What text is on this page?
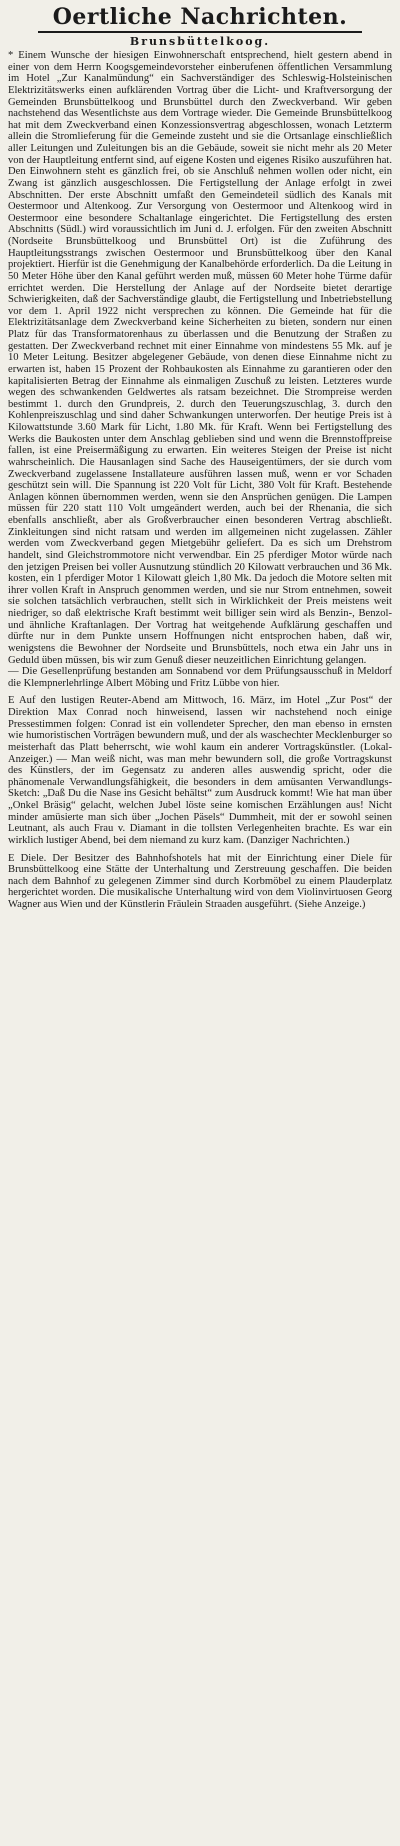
Oertliche Nachrichten.
Brunsbüttelkoog.

* Einem Wunsche der hiesigen Einwohnerschaft entsprechend, hielt gestern abend in einer von dem Herrn Koogsgemeindevorsteher einberufenen öffentlichen Versammlung im Hotel „Zur Kanalmündung“ ein Sachverständiger des Schleswig-Holsteinischen Elektrizitätswerks einen aufklärenden Vortrag über die Licht- und Kraftversorgung der Gemeinden Brunsbüttelkoog und Brunsbüttel durch den Zweckverband. Wir geben nachstehend das Wesentlichste aus dem Vortrage wieder. Die Gemeinde Brunsbüttelkoog hat mit dem Zweckverband einen Konzessionsvertrag abgeschlossen, wonach Letzterm allein die Stromlieferung für die Gemeinde zusteht und sie die Ortsanlage einschließlich aller Leitungen und Zuleitungen bis an die Gebäude, soweit sie nicht mehr als 20 Meter von der Hauptleitung entfernt sind, auf eigene Kosten und eigenes Risiko auszuführen hat. Den Einwohnern steht es gänzlich frei, ob sie Anschluß nehmen wollen oder nicht, ein Zwang ist gänzlich ausgeschlossen. Die Fertigstellung der Anlage erfolgt in zwei Abschnitten. Der erste Abschnitt umfaßt den Gemeindeteil südlich des Kanals mit Oestermoor und Altenkoog. Zur Versorgung von Oestermoor und Altenkoog wird in Oestermoor eine besondere Schaltanlage eingerichtet. Die Fertigstellung des ersten Abschnitts (Südl.) wird voraussichtlich im Juni d. J. erfolgen. Für den zweiten Abschnitt (Nordseite Brunsbüttelkoog und Brunsbüttel Ort) ist die Zuführung des Hauptleitungsstrangs zwischen Oestermoor und Brunsbüttelkoog über den Kanal projektiert. Hierfür ist die Genehmigung der Kanalbehörde erforderlich. Da die Leitung in 50 Meter Höhe über den Kanal geführt werden muß, müssen 60 Meter hohe Türme dafür errichtet werden. Die Herstellung der Anlage auf der Nordseite bietet derartige Schwierigkeiten, daß der Sachverständige glaubt, die Fertigstellung und Inbetriebstellung vor dem 1. April 1922 nicht versprechen zu können. Die Gemeinde hat für die Elektrizitätsanlage dem Zweckverband keine Sicherheiten zu bieten, sondern nur einen Platz für das Transformatorenhaus zu überlassen und die Benutzung der Straßen zu gestatten. Der Zweckverband rechnet mit einer Einnahme von mindestens 55 Mk. auf je 10 Meter Leitung. Besitzer abgelegener Gebäude, von denen diese Einnahme nicht zu erwarten ist, haben 15 Prozent der Rohbaukosten als Einnahme zu garantieren oder den kapitalisierten Betrag der Einnahme als einmaligen Zuschuß zu leisten. Letzteres wurde wegen des schwankenden Geldwertes als ratsam bezeichnet. Die Strompreise werden bestimmt 1. durch den Grundpreis, 2. durch den Teuerungszuschlag, 3. durch den Kohlenpreiszuschlag und sind daher Schwankungen unterworfen. Der heutige Preis ist à Kilowattstunde 3.60 Mark für Licht, 1.80 Mk. für Kraft. Wenn bei Fertigstellung des Werks die Baukosten unter dem Anschlag geblieben sind und wenn die Brennstoffpreise fallen, ist eine Preisermäßigung zu erwarten. Ein weiteres Steigen der Preise ist nicht wahrscheinlich. Die Hausanlagen sind Sache des Hauseigentümers, der sie durch vom Zweckverband zugelassene Installateure ausführen lassen muß, wenn er vor Schaden geschützt sein will. Die Spannung ist 220 Volt für Licht, 380 Volt für Kraft. Bestehende Anlagen können übernommen werden, wenn sie den Ansprüchen genügen. Die Lampen müssen für 220 statt 110 Volt umgeändert werden, auch bei der Rhenania, die sich ebenfalls anschließt, aber als Großverbraucher einen besonderen Vertrag abschließt. Zinkleitungen sind nicht ratsam und werden im allgemeinen nicht zugelassen. Zähler werden vom Zweckverband gegen Mietgebühr geliefert. Da es sich um Drehstrom handelt, sind Gleichstrommotore nicht verwendbar. Ein 25 pferdiger Motor würde nach den jetzigen Preisen bei voller Ausnutzung stündlich 20 Kilowatt verbrauchen und 36 Mk. kosten, ein 1 pferdiger Motor 1 Kilowatt gleich 1,80 Mk. Da jedoch die Motore selten mit ihrer vollen Kraft in Anspruch genommen werden, und sie nur Strom entnehmen, soweit sie solchen tatsächlich verbrauchen, stellt sich in Wirklichkeit der Preis meistens weit niedriger, so daß elektrische Kraft bestimmt weit billiger sein wird als Benzin-, Benzol- und ähnliche Kraftanlagen. Der Vortrag hat weitgehende Aufklärung geschaffen und dürfte nur in dem Punkte unsern Hoffnungen nicht entsprochen haben, daß wir, wenigstens die Bewohner der Nordseite und Brunsbüttels, noch etwa ein Jahr uns in Geduld üben müssen, bis wir zum Genuß dieser neuzeitlichen Einrichtung gelangen.

— Die Gesellenprüfung bestanden am Sonnabend vor dem Prüfungsausschuß in Meldorf die Klempnerlehrlinge Albert Möbing und Fritz Lübbe von hier.

E Auf den lustigen Reuter-Abend am Mittwoch, 16. März, im Hotel „Zur Post“ der Direktion Max Conrad noch hinweisend, lassen wir nachstehend noch einige Pressestimmen folgen: Conrad ist ein vollendeter Sprecher, den man ebenso in ernsten wie humoristischen Vorträgen bewundern muß, und der als waschechter Mecklenburger so meisterhaft das Platt beherrscht, wie wohl kaum ein anderer Vortragskünstler. (Lokal-Anzeiger.) — Man weiß nicht, was man mehr bewundern soll, die große Vortragskunst des Künstlers, der im Gegensatz zu anderen alles auswendig spricht, oder die phänomenale Verwandlungsfähigkeit, die besonders in dem amüsanten Verwandlungs-Sketch: „Daß Du die Nase ins Gesicht behältst“ zum Ausdruck kommt! Wie hat man über „Onkel Bräsig“ gelacht, welchen Jubel löste seine komischen Erzählungen aus! Nicht minder amüsierte man sich über „Jochen Päsels“ Dummheit, mit der er sowohl seinen Leutnant, als auch Frau v. Diamant in die tollsten Verlegenheiten brachte. Es war ein wirklich lustiger Abend, bei dem niemand zu kurz kam. (Danziger Nachrichten.)

E Diele. Der Besitzer des Bahnhofshotels hat mit der Einrichtung einer Diele für Brunsbüttelkoog eine Stätte der Unterhaltung und Zerstreuung geschaffen. Die beiden nach dem Bahnhof zu gelegenen Zimmer sind durch Korbmöbel zu einem Plauderplatz hergerichtet worden. Die musikalische Unterhaltung wird von dem Violinvirtuosen Georg Wagner aus Wien und der Künstlerin Fräulein Straaden ausgeführt. (Siehe Anzeige.)
